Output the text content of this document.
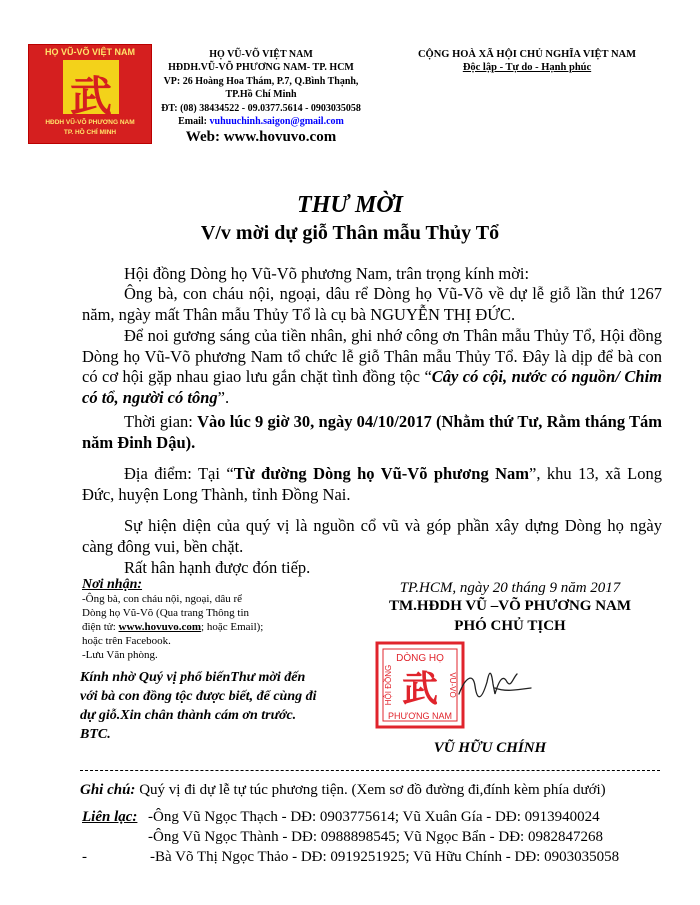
HỌ VŨ-VÕ VIỆT NAM
武
HĐDH VŨ-VÕ PHƯƠNG NAM
TP. HỒ CHÍ MINH
HỌ VŨ-VÕ VIỆT NAM
HĐDH.VŨ-VÕ PHƯƠNG NAM- TP. HCM
VP: 26 Hoàng Hoa Thám, P.7, Q.Bình Thạnh,
TP.Hồ Chí Minh
ĐT: (08) 38434522 - 09.0377.5614 - 0903035058
Email: vuhuuchinh.saigon@gmail.com
Web: www.hovuvo.com
CỘNG HOÀ XÃ HỘI CHỦ NGHĨA VIỆT NAM
Độc lập - Tự do - Hạnh phúc
THƯ MỜI
V/v mời dự giỗ Thân mẫu Thủy Tổ
Hội đồng Dòng họ Vũ-Võ phương Nam, trân trọng kính mời:
Ông bà, con cháu nội, ngoại, dâu rể Dòng họ Vũ-Võ về dự lễ giỗ lần thứ 1267 năm, ngày mất Thân mẫu Thủy Tổ là cụ bà NGUYỄN THỊ ĐỨC.
Để noi gương sáng của tiền nhân, ghi nhớ công ơn Thân mẫu Thủy Tổ, Hội đồng Dòng họ Vũ-Võ phương Nam tổ chức lễ giỗ Thân mẫu Thủy Tổ. Đây là dịp để bà con có cơ hội gặp nhau giao lưu gắn chặt tình đồng tộc “Cây có cội, nước có nguồn/ Chim có tổ, người có tông”.
Thời gian: Vào lúc 9 giờ 30, ngày 04/10/2017 (Nhằm thứ Tư, Rằm tháng Tám năm Đinh Dậu).
Địa điểm: Tại “Từ đường Dòng họ Vũ-Võ phương Nam”, khu 13, xã Long Đức, huyện Long Thành, tỉnh Đồng Nai.
Sự hiện diện của quý vị là nguồn cổ vũ và góp phần xây dựng Dòng họ ngày càng đông vui, bền chặt.
Rất hân hạnh được đón tiếp.
Nơi nhận:
-Ông bà, con cháu nội, ngoại, dâu rể
Dòng họ Vũ-Võ (Qua trang Thông tin
điện tử: www.hovuvo.com; hoặc Email);
hoặc trên Facebook.
-Lưu Văn phòng.
Kính nhờ Quý vị phổ biếnThư mời đến với bà con đồng tộc được biết, để cùng đi dự giỗ.Xin chân thành cám ơn trước. BTC.
TP.HCM, ngày 20 tháng 9 năm 2017
TM.HĐDH VŨ –VÕ PHƯƠNG NAM
PHÓ CHỦ TỊCH
DÒNG HỌ
PHƯƠNG NAM
HỘI ĐỒNG	VŨ-VÕ
武
VŨ HỮU CHÍNH
Ghi chú: Quý vị đi dự lễ tự túc phương tiện. (Xem sơ đồ đường đi,đính kèm phía dưới)
Liên lạc: -Ông Vũ Ngọc Thạch - DĐ: 0903775614; Vũ Xuân Gía - DĐ: 0913940024
-Ông Vũ Ngọc Thành - DĐ: 0988898545; Vũ Ngọc Bẩn - DĐ: 0982847268
-	-Bà Võ Thị Ngọc Thảo - DĐ: 0919251925; Vũ Hữu Chính - DĐ: 0903035058
